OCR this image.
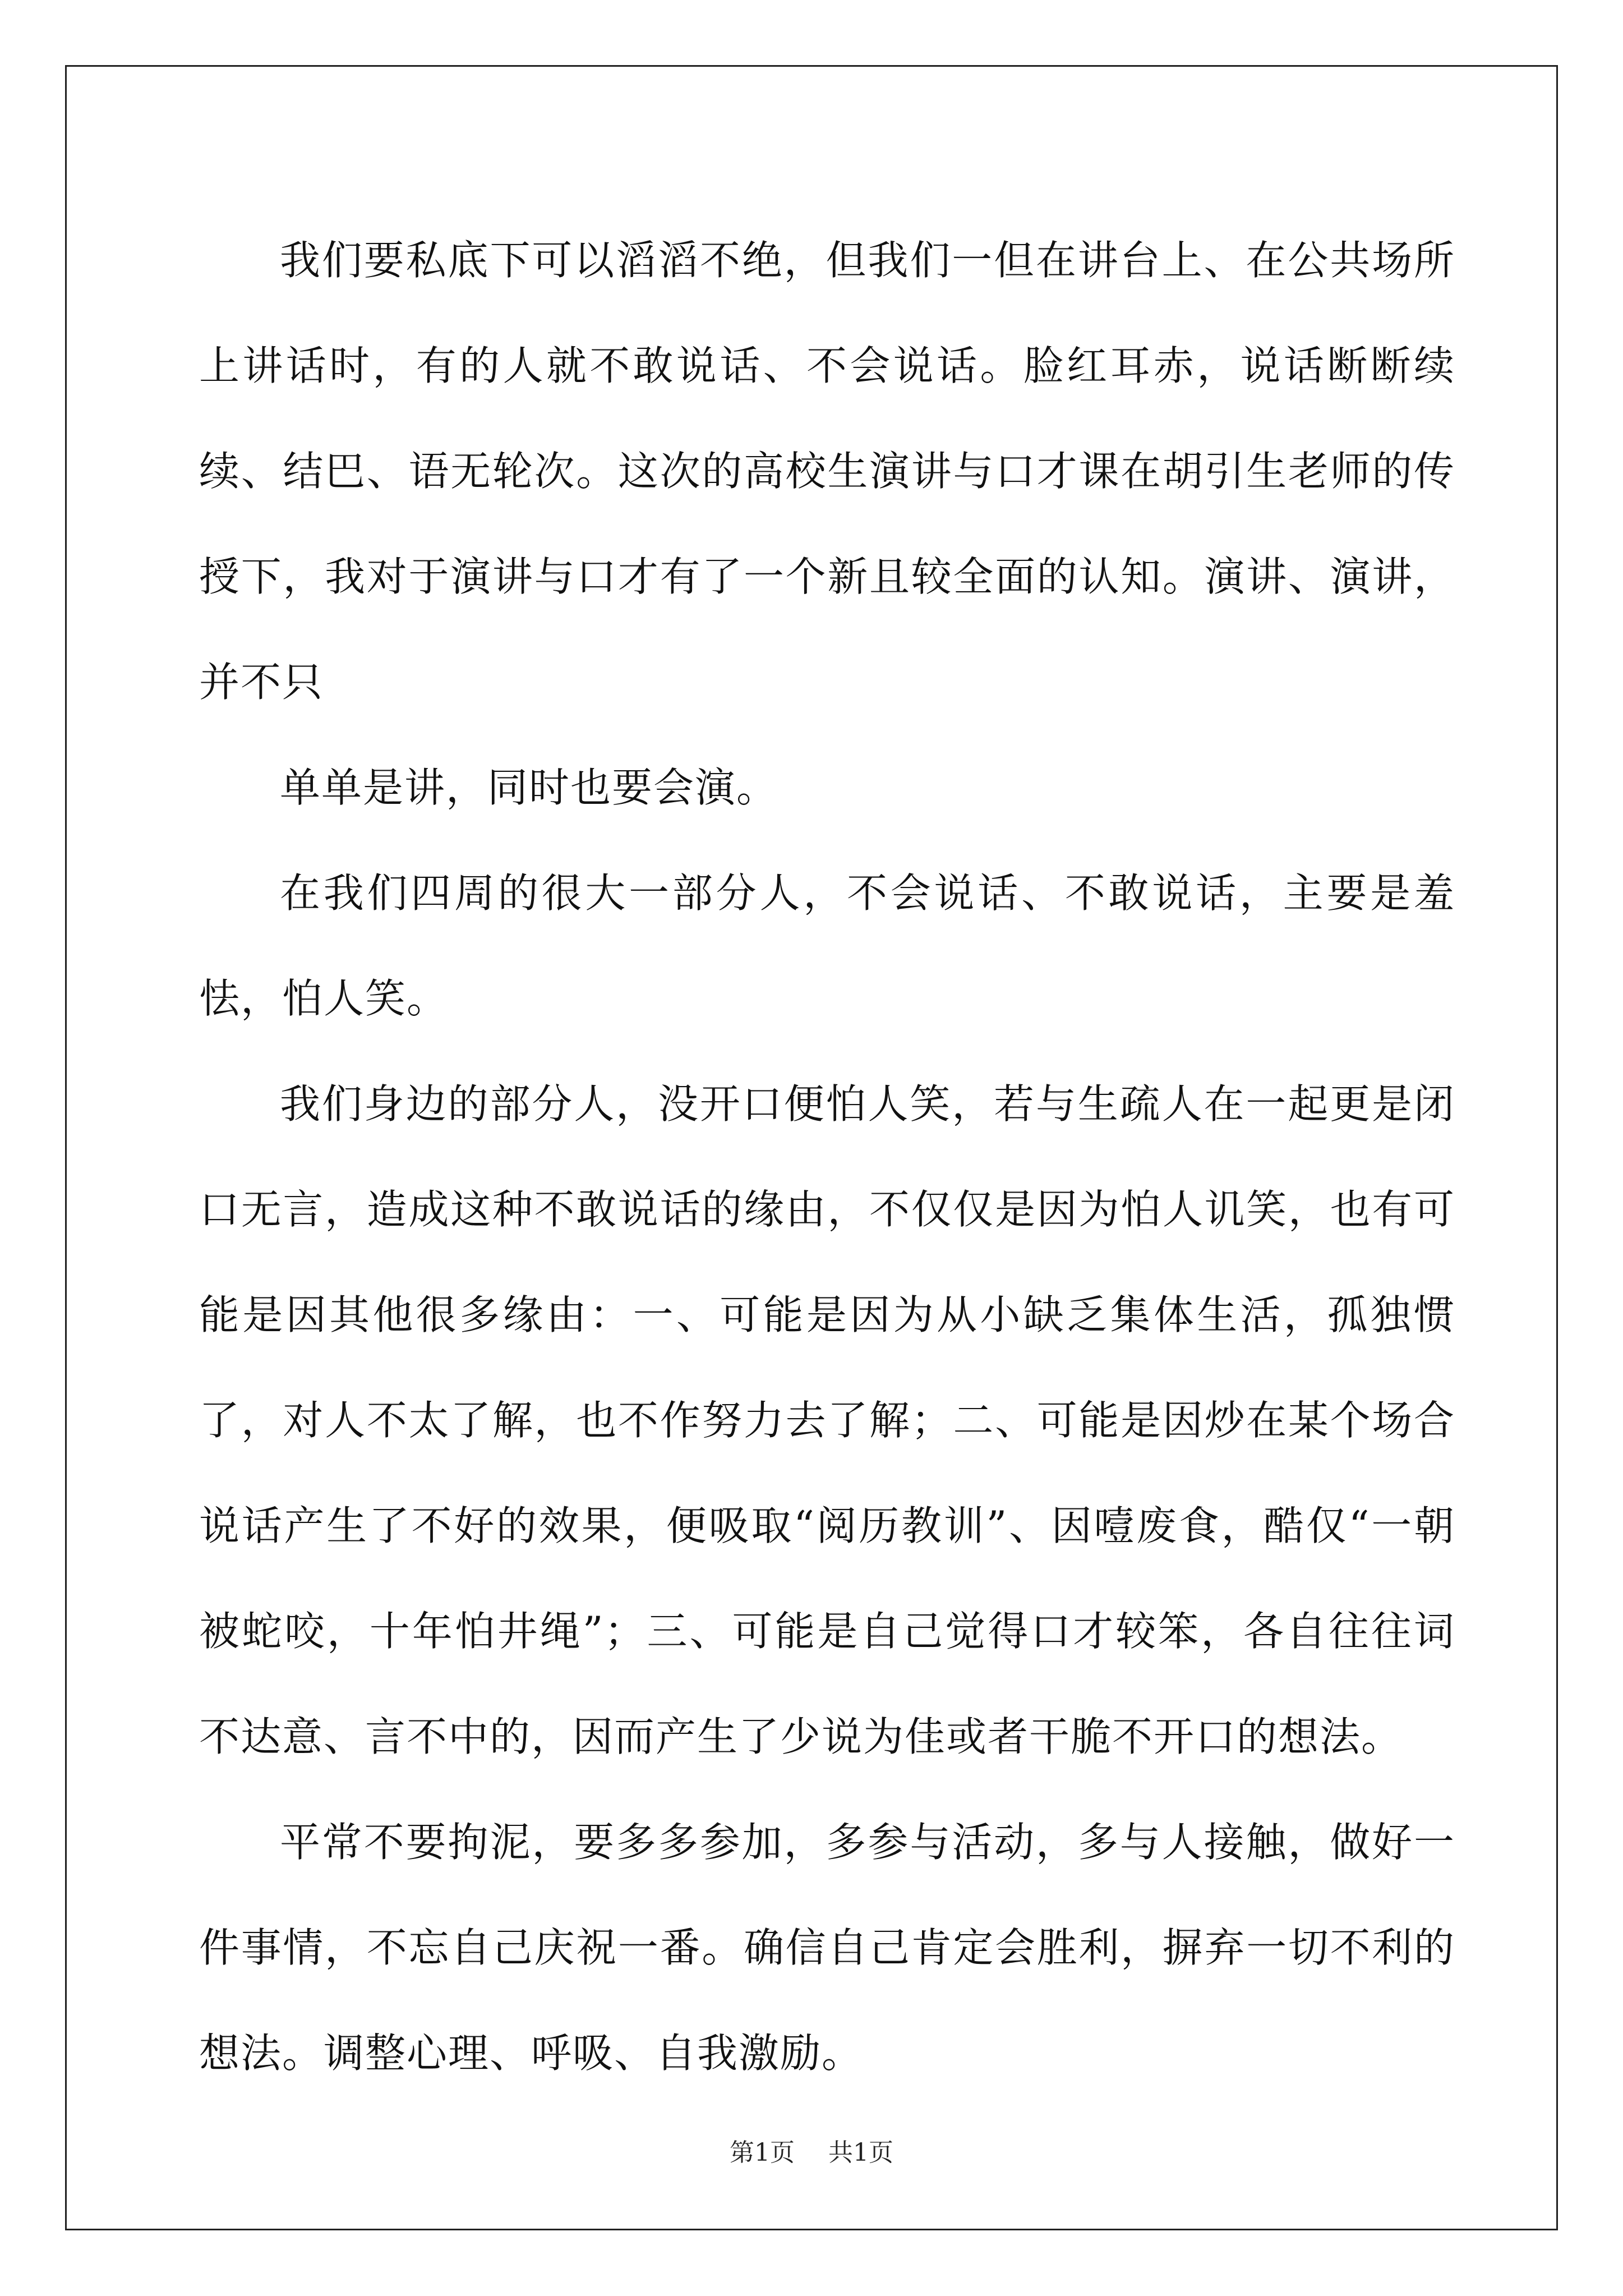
我们要私底下可以滔滔不绝，但我们一但在讲台上、在公共场所上讲话时，有的人就不敢说话、不会说话。脸红耳赤，说话断断续续、结巴、语无轮次。这次的高校生演讲与口才课在胡引生老师的传授下，我对于演讲与口才有了一个新且较全面的认知。演讲、演讲，并不只

单单是讲，同时也要会演。

在我们四周的很大一部分人，不会说话、不敢说话，主要是羞怯，怕人笑。

我们身边的部分人，没开口便怕人笑，若与生疏人在一起更是闭口无言，造成这种不敢说话的缘由，不仅仅是因为怕人讥笑，也有可能是因其他很多缘由：一、可能是因为从小缺乏集体生活，孤独惯了，对人不太了解，也不作努力去了解；二、可能是因炒在某个场合说话产生了不好的效果，便吸取“阅历教训”、因噎废食，酷仅“一朝被蛇咬，十年怕井绳”；三、可能是自己觉得口才较笨，各自往往词不达意、言不中的，因而产生了少说为佳或者干脆不开口的想法。

平常不要拘泥，要多多参加，多参与活动，多与人接触，做好一件事情，不忘自己庆祝一番。确信自己肯定会胜利，摒弃一切不利的想法。调整心理、呼吸、自我激励。

第1页 共1页
